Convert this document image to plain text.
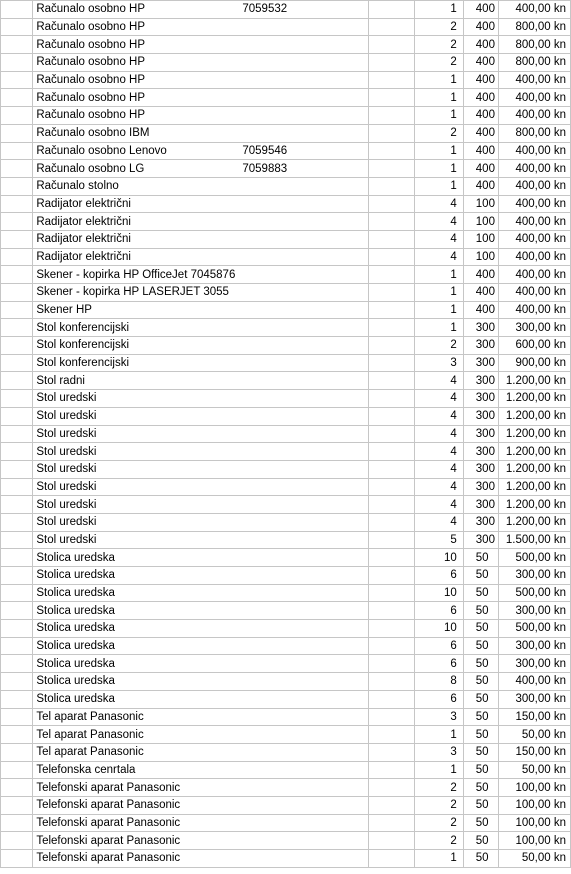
	Računalo osobno HP	7059532		1	400	400,00 kn
	Računalo osobno HP			2	400	800,00 kn
	Računalo osobno HP			2	400	800,00 kn
	Računalo osobno HP			2	400	800,00 kn
	Računalo osobno HP			1	400	400,00 kn
	Računalo osobno HP			1	400	400,00 kn
	Računalo osobno HP			1	400	400,00 kn
	Računalo osobno IBM			2	400	800,00 kn
	Računalo osobno Lenovo	7059546		1	400	400,00 kn
	Računalo osobno LG	7059883		1	400	400,00 kn
	Računalo stolno			1	400	400,00 kn
	Radijator električni			4	100	400,00 kn
	Radijator električni			4	100	400,00 kn
	Radijator električni			4	100	400,00 kn
	Radijator električni			4	100	400,00 kn
	Skener - kopirka HP OfficeJet 7045876			1	400	400,00 kn
	Skener - kopirka HP LASERJET 3055			1	400	400,00 kn
	Skener HP			1	400	400,00 kn
	Stol konferencijski			1	300	300,00 kn
	Stol konferencijski			2	300	600,00 kn
	Stol konferencijski			3	300	900,00 kn
	Stol radni			4	300	1.200,00 kn
	Stol uredski			4	300	1.200,00 kn
	Stol uredski			4	300	1.200,00 kn
	Stol uredski			4	300	1.200,00 kn
	Stol uredski			4	300	1.200,00 kn
	Stol uredski			4	300	1.200,00 kn
	Stol uredski			4	300	1.200,00 kn
	Stol uredski			4	300	1.200,00 kn
	Stol uredski			4	300	1.200,00 kn
	Stol uredski			5	300	1.500,00 kn
	Stolica uredska			10	50	500,00 kn
	Stolica uredska			6	50	300,00 kn
	Stolica uredska			10	50	500,00 kn
	Stolica uredska			6	50	300,00 kn
	Stolica uredska			10	50	500,00 kn
	Stolica uredska			6	50	300,00 kn
	Stolica uredska			6	50	300,00 kn
	Stolica uredska			8	50	400,00 kn
	Stolica uredska			6	50	300,00 kn
	Tel aparat Panasonic			3	50	150,00 kn
	Tel aparat Panasonic			1	50	50,00 kn
	Tel aparat Panasonic			3	50	150,00 kn
	Telefonska cenrtala			1	50	50,00 kn
	Telefonski aparat Panasonic			2	50	100,00 kn
	Telefonski aparat Panasonic			2	50	100,00 kn
	Telefonski aparat Panasonic			2	50	100,00 kn
	Telefonski aparat Panasonic			2	50	100,00 kn
	Telefonski aparat Panasonic			1	50	50,00 kn
